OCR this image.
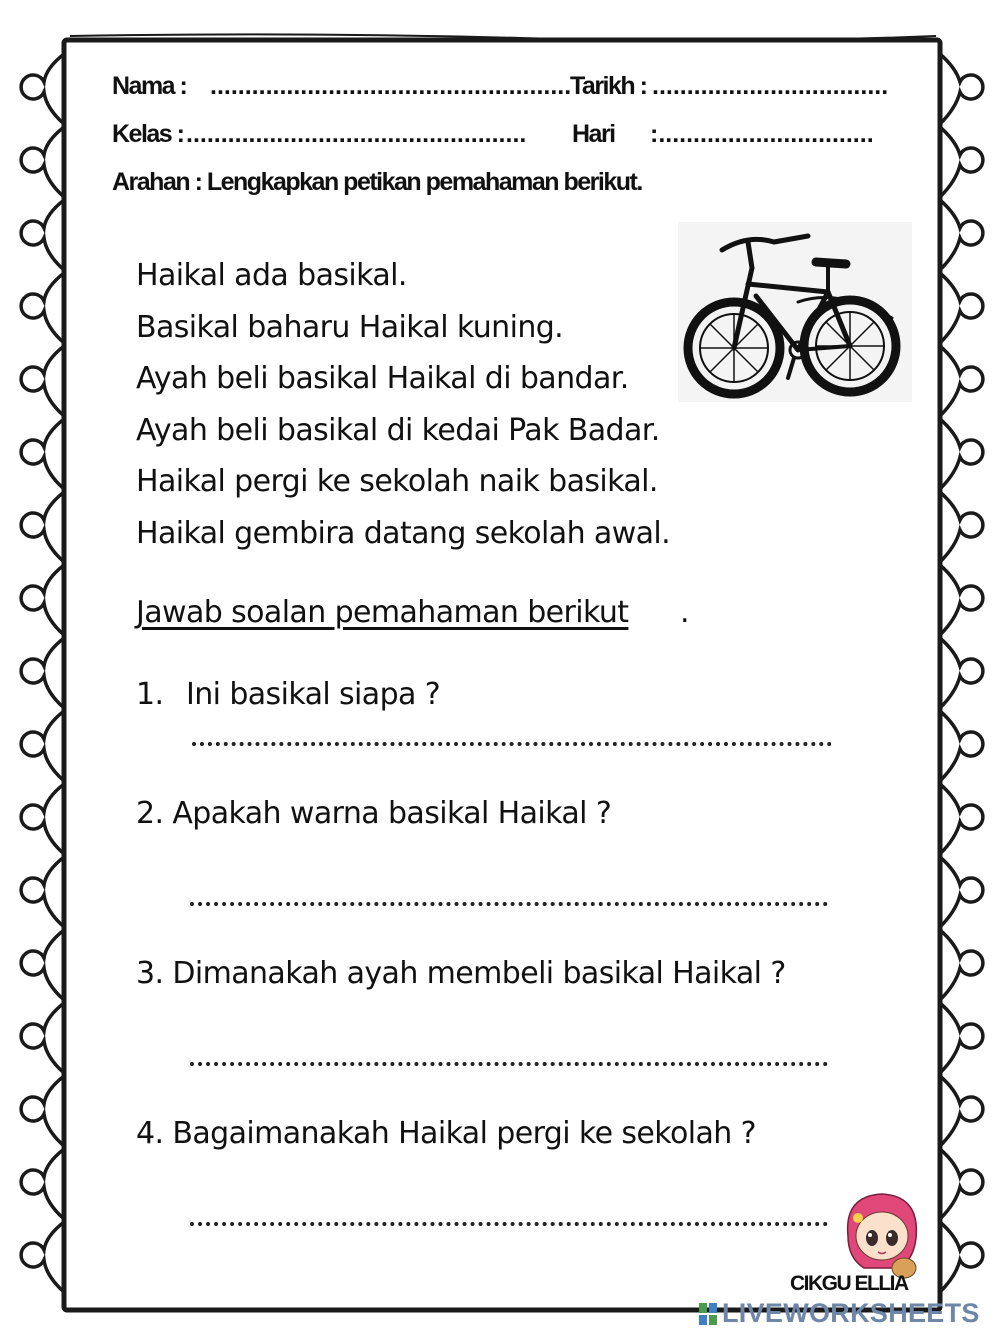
Nama : ....................................................
Tarikh : ..................................
Kelas : ................................................. Hari :...............................
Arahan : Lengkapkan petikan pemahaman berikut.
Haikal ada basikal.
Basikal baharu Haikal kuning.
Ayah beli basikal Haikal di bandar.
Ayah beli basikal di kedai Pak Badar.
Haikal pergi ke sekolah naik basikal.
Haikal gembira datang sekolah awal.
Jawab soalan pemahaman berikut .
1. Ini basikal siapa ?
2. Apakah warna basikal Haikal ?
3. Dimanakah ayah membeli basikal Haikal ?
4. Bagaimanakah Haikal pergi ke sekolah ?
CIKGU ELLIA
LIVEWORKSHEETS
